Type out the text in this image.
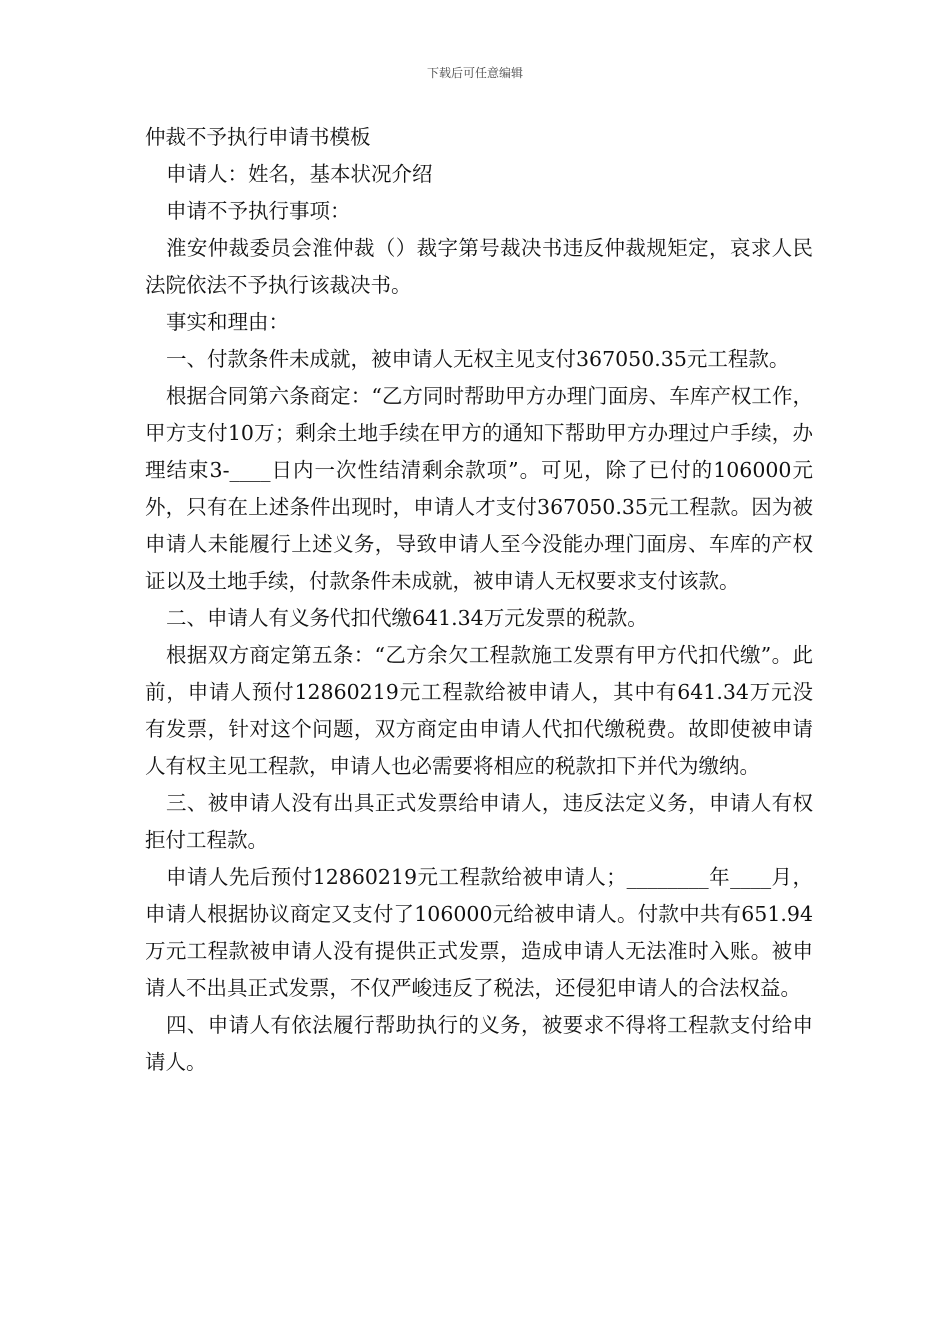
下载后可任意编辑

仲裁不予执行申请书模板

申请人：姓名，基本状况介绍

申请不予执行事项：

淮安仲裁委员会淮仲裁（）裁字第号裁决书违反仲裁规矩定，哀求人民法院依法不予执行该裁决书。

事实和理由：

一、付款条件未成就，被申请人无权主见支付367050.35元工程款。

根据合同第六条商定：“乙方同时帮助甲方办理门面房、车库产权工作，甲方支付10万；剩余土地手续在甲方的通知下帮助甲方办理过户手续，办理结束3-____日内一次性结清剩余款项”。可见，除了已付的106000元外，只有在上述条件出现时，申请人才支付367050.35元工程款。因为被申请人未能履行上述义务，导致申请人至今没能办理门面房、车库的产权证以及土地手续，付款条件未成就，被申请人无权要求支付该款。

二、申请人有义务代扣代缴641.34万元发票的税款。

根据双方商定第五条：“乙方余欠工程款施工发票有甲方代扣代缴”。此前，申请人预付12860219元工程款给被申请人，其中有641.34万元没有发票，针对这个问题，双方商定由申请人代扣代缴税费。故即使被申请人有权主见工程款，申请人也必需要将相应的税款扣下并代为缴纳。

三、被申请人没有出具正式发票给申请人，违反法定义务，申请人有权拒付工程款。

申请人先后预付12860219元工程款给被申请人；________年____月，申请人根据协议商定又支付了106000元给被申请人。付款中共有651.94万元工程款被申请人没有提供正式发票，造成申请人无法准时入账。被申请人不出具正式发票，不仅严峻违反了税法，还侵犯申请人的合法权益。

四、申请人有依法履行帮助执行的义务，被要求不得将工程款支付给申请人。
